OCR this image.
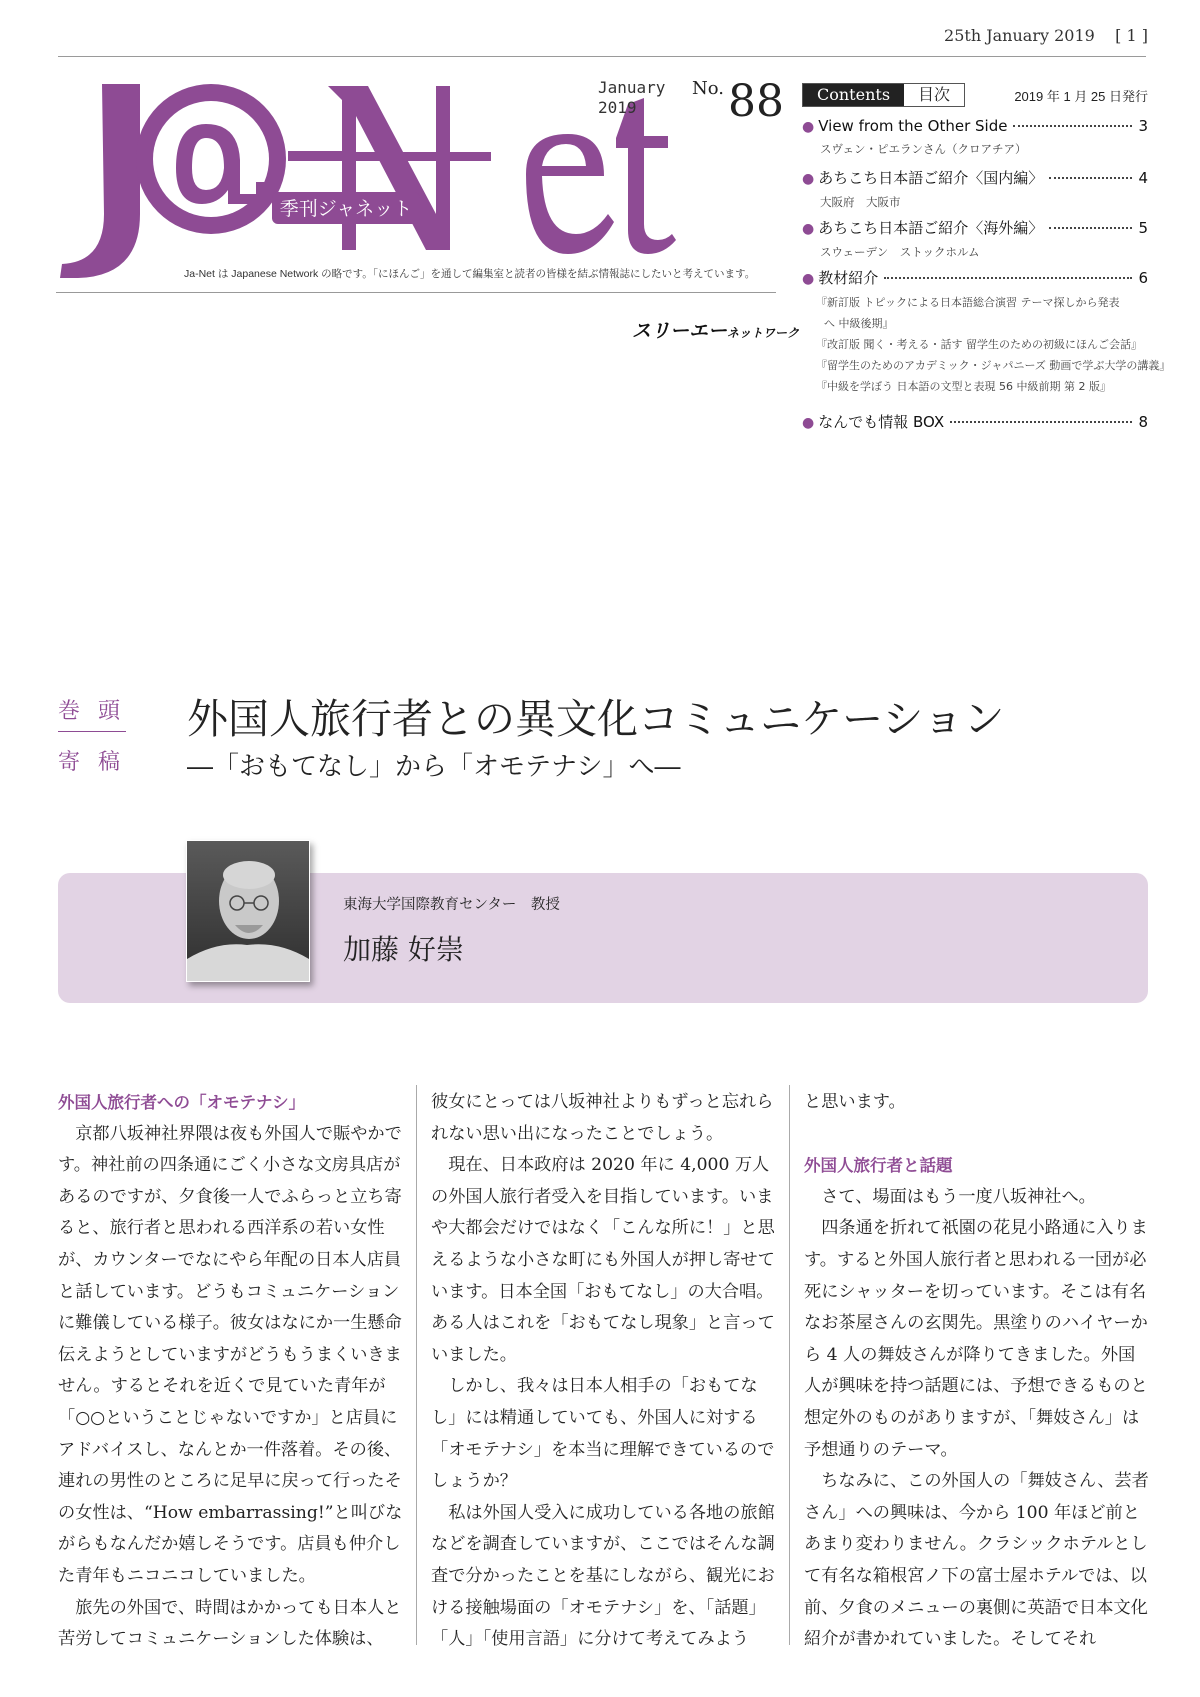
25th January 2019 [ 1 ]
季刊ジャネット
January
2019
$^{No.}$88
Ja-Net は Japanese Network の略です。「にほんご」を通して編集室と読者の皆様を結ぶ情報誌にしたいと考えています。
スリーエーネットワーク
Contents	目次	2019 年 1 月 25 日発行
● View from the Other Side	3
スヴェン・ピエランさん（クロアチア）
● あちこち日本語ご紹介〈国内編〉	4
大阪府　大阪市
● あちこち日本語ご紹介〈海外編〉	5
スウェーデン　ストックホルム
● 教材紹介	6
『新訂版 トピックによる日本語総合演習 テーマ探しから発表
へ 中級後期』
『改訂版 聞く・考える・話す 留学生のための初級にほんご会話』
『留学生のためのアカデミック・ジャパニーズ 動画で学ぶ大学の講義』
『中級を学ぼう 日本語の文型と表現 56 中級前期 第 2 版』
● なんでも情報 BOX	8
巻頭
寄稿
外国人旅行者との異文化コミュニケーション
―「おもてなし」から「オモテナシ」へ―
東海大学国際教育センター　教授
加藤 好崇
外国人旅行者への「オモテナシ」
京都八坂神社界隈は夜も外国人で賑やかです。神社前の四条通にごく小さな文房具店があるのですが、夕食後一人でふらっと立ち寄ると、旅行者と思われる西洋系の若い女性が、カウンターでなにやら年配の日本人店員と話しています。どうもコミュニケーションに難儀している様子。彼女はなにか一生懸命伝えようとしていますがどうもうまくいきません。するとそれを近くで見ていた青年が「○○ということじゃないですか」と店員にアドバイスし、なんとか一件落着。その後、連れの男性のところに足早に戻って行ったその女性は、“How embarrassing!”と叫びながらもなんだか嬉しそうです。店員も仲介した青年もニコニコしていました。
旅先の外国で、時間はかかっても日本人と苦労してコミュニケーションした体験は、
彼女にとっては八坂神社よりもずっと忘れられない思い出になったことでしょう。
現在、日本政府は 2020 年に 4,000 万人の外国人旅行者受入を目指しています。いまや大都会だけではなく「こんな所に！」と思えるような小さな町にも外国人が押し寄せています。日本全国「おもてなし」の大合唱。ある人はこれを「おもてなし現象」と言っていました。
しかし、我々は日本人相手の「おもてなし」には精通していても、外国人に対する「オモテナシ」を本当に理解できているのでしょうか？
私は外国人受入に成功している各地の旅館などを調査していますが、ここではそんな調査で分かったことを基にしながら、観光における接触場面の「オモテナシ」を、「話題」「人」「使用言語」に分けて考えてみよう
と思います。
外国人旅行者と話題
さて、場面はもう一度八坂神社へ。
四条通を折れて祇園の花見小路通に入ります。すると外国人旅行者と思われる一団が必死にシャッターを切っています。そこは有名なお茶屋さんの玄関先。黒塗りのハイヤーから 4 人の舞妓さんが降りてきました。外国人が興味を持つ話題には、予想できるものと想定外のものがありますが、「舞妓さん」は予想通りのテーマ。
ちなみに、この外国人の「舞妓さん、芸者さん」への興味は、今から 100 年ほど前とあまり変わりません。クラシックホテルとして有名な箱根宮ノ下の富士屋ホテルでは、以前、夕食のメニューの裏側に英語で日本文化紹介が書かれていました。そしてそれ
